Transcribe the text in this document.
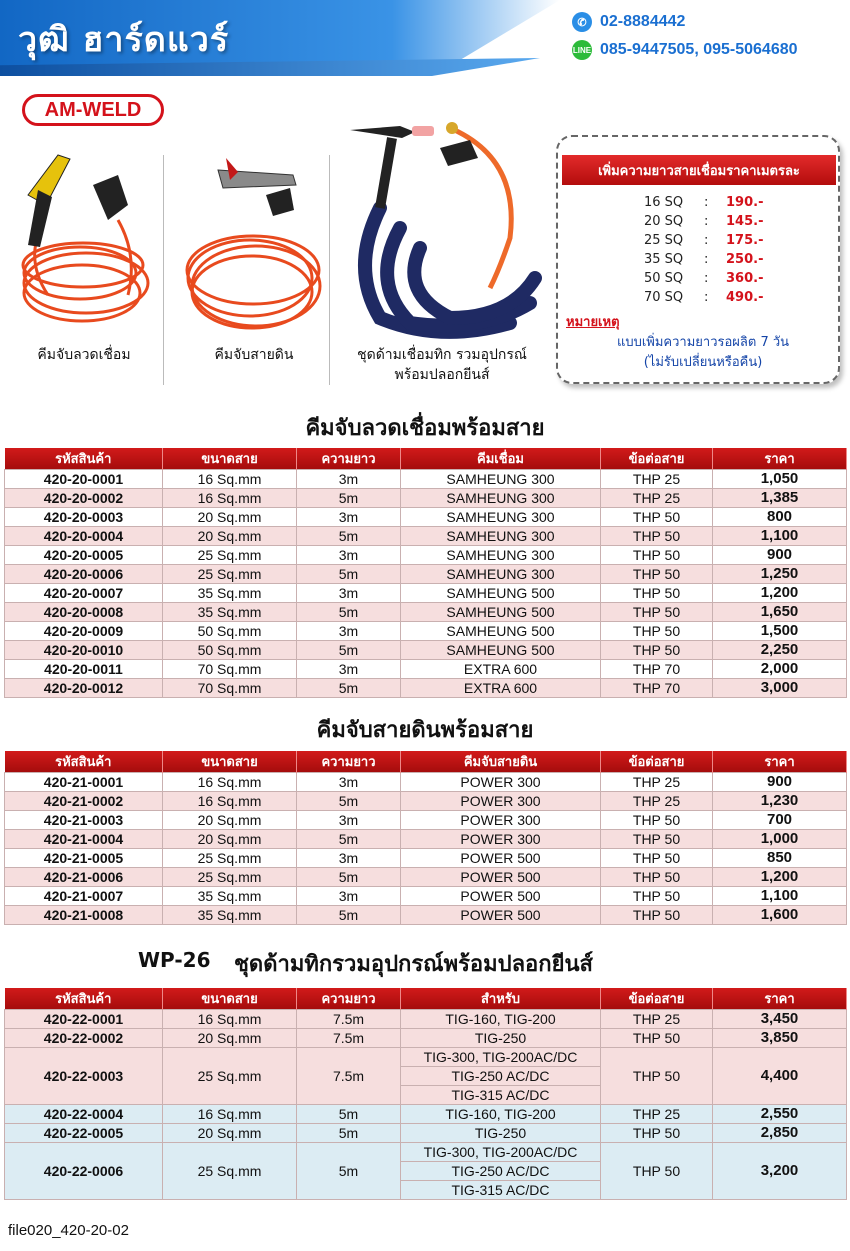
วุฒิ ฮาร์ดแวร์	✆ 02-8884442
LINE 085-9447505, 095-5064680
AM-WELD
คีมจับลวดเชื่อม	คีมจับสายดิน	ชุดด้ามเชื่อมทิก รวมอุปกรณ์
พร้อมปลอกยีนส์
เพิ่มความยาวสายเชื่อมราคาเมตรละ
16 SQ	:	190.-
20 SQ	:	145.-
25 SQ	:	175.-
35 SQ	:	250.-
50 SQ	:	360.-
70 SQ	:	490.-
หมายเหตุ
แบบเพิ่มความยาวรอผลิต 7 วัน
(ไม่รับเปลี่ยนหรือคืน)
คีมจับลวดเชื่อมพร้อมสาย
รหัสสินค้า	ขนาดสาย	ความยาว	คีมเชื่อม	ข้อต่อสาย	ราคา
420-20-0001	16 Sq.mm	3m	SAMHEUNG 300	THP 25	1,050
420-20-0002	16 Sq.mm	5m	SAMHEUNG 300	THP 25	1,385
420-20-0003	20 Sq.mm	3m	SAMHEUNG 300	THP 50	800
420-20-0004	20 Sq.mm	5m	SAMHEUNG 300	THP 50	1,100
420-20-0005	25 Sq.mm	3m	SAMHEUNG 300	THP 50	900
420-20-0006	25 Sq.mm	5m	SAMHEUNG 300	THP 50	1,250
420-20-0007	35 Sq.mm	3m	SAMHEUNG 500	THP 50	1,200
420-20-0008	35 Sq.mm	5m	SAMHEUNG 500	THP 50	1,650
420-20-0009	50 Sq.mm	3m	SAMHEUNG 500	THP 50	1,500
420-20-0010	50 Sq.mm	5m	SAMHEUNG 500	THP 50	2,250
420-20-0011	70 Sq.mm	3m	EXTRA 600	THP 70	2,000
420-20-0012	70 Sq.mm	5m	EXTRA 600	THP 70	3,000
คีมจับสายดินพร้อมสาย
รหัสสินค้า	ขนาดสาย	ความยาว	คีมจับสายดิน	ข้อต่อสาย	ราคา
420-21-0001	16 Sq.mm	3m	POWER 300	THP 25	900
420-21-0002	16 Sq.mm	5m	POWER 300	THP 25	1,230
420-21-0003	20 Sq.mm	3m	POWER 300	THP 50	700
420-21-0004	20 Sq.mm	5m	POWER 300	THP 50	1,000
420-21-0005	25 Sq.mm	3m	POWER 500	THP 50	850
420-21-0006	25 Sq.mm	5m	POWER 500	THP 50	1,200
420-21-0007	35 Sq.mm	3m	POWER 500	THP 50	1,100
420-21-0008	35 Sq.mm	5m	POWER 500	THP 50	1,600
WP-26 ชุดด้ามทิกรวมอุปกรณ์พร้อมปลอกยีนส์
รหัสสินค้า	ขนาดสาย	ความยาว	สำหรับ	ข้อต่อสาย	ราคา
420-22-0001	16 Sq.mm	7.5m	TIG-160, TIG-200	THP 25	3,450
420-22-0002	20 Sq.mm	7.5m	TIG-250	THP 50	3,850
420-22-0003	25 Sq.mm	7.5m	TIG-300, TIG-200AC/DC	THP 50	4,400
			TIG-250 AC/DC		
			TIG-315 AC/DC		
420-22-0004	16 Sq.mm	5m	TIG-160, TIG-200	THP 25	2,550
420-22-0005	20 Sq.mm	5m	TIG-250	THP 50	2,850
420-22-0006	25 Sq.mm	5m	TIG-300, TIG-200AC/DC	THP 50	3,200
			TIG-250 AC/DC		
			TIG-315 AC/DC		
file020_420-20-02
